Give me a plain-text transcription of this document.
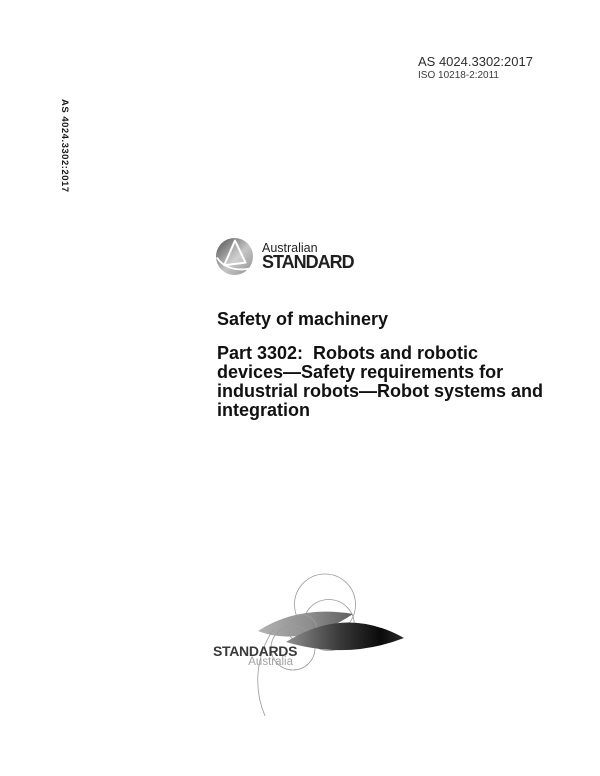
AS 4024.3302:2017
AS 4024.3302:2017
ISO 10218-2:2011
Australian
STANDARD
Safety of machinery
Part 3302:  Robots and robotic
devices—Safety requirements for
industrial robots—Robot systems and
integration
STANDARDS
Australia
